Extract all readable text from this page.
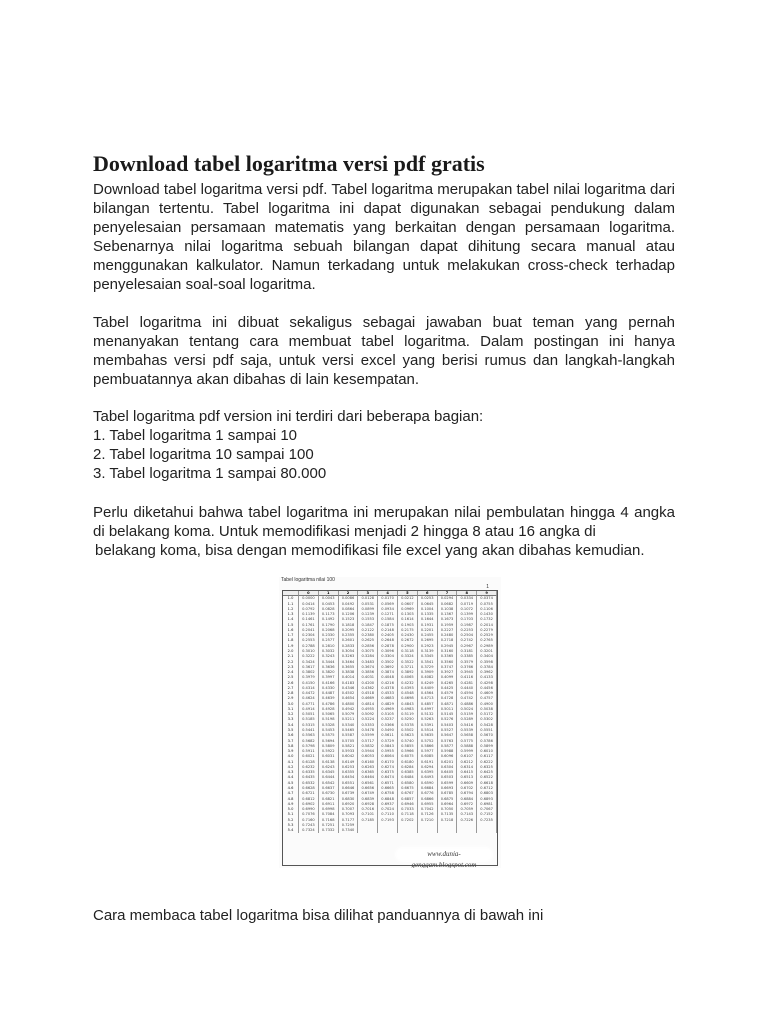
Download tabel logaritma versi pdf gratis

Download tabel logaritma versi pdf. Tabel logaritma merupakan tabel nilai logaritma dari bilangan tertentu. Tabel logaritma ini dapat digunakan sebagai pendukung dalam penyelesaian persamaan matematis yang berkaitan dengan persamaan logaritma. Sebenarnya nilai logaritma sebuah bilangan dapat dihitung secara manual atau menggunakan kalkulator. Namun terkadang untuk melakukan cross-check terhadap penyelesaian soal-soal logaritma.

Tabel logaritma ini dibuat sekaligus sebagai jawaban buat teman yang pernah menanyakan tentang cara membuat tabel logaritma. Dalam postingan ini hanya membahas versi pdf saja, untuk versi excel yang berisi rumus dan langkah-langkah pembuatannya akan dibahas di lain kesempatan.

Tabel logaritma pdf version ini terdiri dari beberapa bagian:

1. Tabel logaritma 1 sampai 10
2. Tabel logaritma 10 sampai 100
3. Tabel logaritma 1 sampai 80.000

Perlu diketahui bahwa tabel logaritma ini merupakan nilai pembulatan hingga 4 angka di belakang koma. Untuk memodifikasi menjadi 2 hingga 8 atau 16 angka di
belakang koma, bisa dengan memodifikasi file excel yang akan dibahas kemudian.

Tabel logaritma nilai 100
1
0	1	2	3	4	5	6	7	8	9
1.0	0.0000	0.0043	0.0086	0.0128	0.0170	0.0212	0.0253	0.0294	0.0334	0.0374
1.1	0.0414	0.0453	0.0492	0.0531	0.0569	0.0607	0.0645	0.0682	0.0719	0.0755
1.2	0.0792	0.0828	0.0864	0.0899	0.0934	0.0969	0.1004	0.1038	0.1072	0.1106
1.3	0.1139	0.1173	0.1206	0.1239	0.1271	0.1303	0.1335	0.1367	0.1399	0.1430
1.4	0.1461	0.1492	0.1523	0.1553	0.1584	0.1614	0.1644	0.1673	0.1703	0.1732
1.5	0.1761	0.1790	0.1818	0.1847	0.1875	0.1903	0.1931	0.1959	0.1987	0.2014
1.6	0.2041	0.2068	0.2095	0.2122	0.2148	0.2175	0.2201	0.2227	0.2253	0.2279
1.7	0.2304	0.2330	0.2355	0.2380	0.2405	0.2430	0.2455	0.2480	0.2504	0.2529
1.8	0.2553	0.2577	0.2601	0.2625	0.2648	0.2672	0.2695	0.2718	0.2742	0.2765
1.9	0.2788	0.2810	0.2833	0.2856	0.2878	0.2900	0.2923	0.2945	0.2967	0.2989
2.0	0.3010	0.3032	0.3054	0.3075	0.3096	0.3118	0.3139	0.3160	0.3181	0.3201
2.1	0.3222	0.3243	0.3263	0.3284	0.3304	0.3324	0.3345	0.3365	0.3385	0.3404
2.2	0.3424	0.3444	0.3464	0.3483	0.3502	0.3522	0.3541	0.3560	0.3579	0.3598
2.3	0.3617	0.3636	0.3655	0.3674	0.3692	0.3711	0.3729	0.3747	0.3766	0.3784
2.4	0.3802	0.3820	0.3838	0.3856	0.3874	0.3892	0.3909	0.3927	0.3945	0.3962
2.5	0.3979	0.3997	0.4014	0.4031	0.4048	0.4065	0.4082	0.4099	0.4116	0.4133
2.6	0.4150	0.4166	0.4183	0.4200	0.4216	0.4232	0.4249	0.4265	0.4281	0.4298
2.7	0.4314	0.4330	0.4346	0.4362	0.4378	0.4393	0.4409	0.4425	0.4440	0.4456
2.8	0.4472	0.4487	0.4502	0.4518	0.4533	0.4548	0.4564	0.4579	0.4594	0.4609
2.9	0.4624	0.4639	0.4654	0.4669	0.4683	0.4698	0.4713	0.4728	0.4742	0.4757
3.0	0.4771	0.4786	0.4800	0.4814	0.4829	0.4843	0.4857	0.4871	0.4886	0.4900
3.1	0.4914	0.4928	0.4942	0.4955	0.4969	0.4983	0.4997	0.5011	0.5024	0.5038
3.2	0.5051	0.5065	0.5079	0.5092	0.5105	0.5119	0.5132	0.5145	0.5159	0.5172
3.3	0.5185	0.5198	0.5211	0.5224	0.5237	0.5250	0.5263	0.5276	0.5289	0.5302
3.4	0.5315	0.5328	0.5340	0.5353	0.5366	0.5378	0.5391	0.5403	0.5416	0.5428
3.5	0.5441	0.5453	0.5465	0.5478	0.5490	0.5502	0.5514	0.5527	0.5539	0.5551
3.6	0.5563	0.5575	0.5587	0.5599	0.5611	0.5623	0.5635	0.5647	0.5658	0.5670
3.7	0.5682	0.5694	0.5705	0.5717	0.5729	0.5740	0.5752	0.5763	0.5775	0.5786
3.8	0.5798	0.5809	0.5821	0.5832	0.5843	0.5855	0.5866	0.5877	0.5888	0.5899
3.9	0.5911	0.5922	0.5933	0.5944	0.5955	0.5966	0.5977	0.5988	0.5999	0.6010
4.0	0.6021	0.6031	0.6042	0.6053	0.6064	0.6075	0.6085	0.6096	0.6107	0.6117
4.1	0.6128	0.6138	0.6149	0.6160	0.6170	0.6180	0.6191	0.6201	0.6212	0.6222
4.2	0.6232	0.6243	0.6253	0.6263	0.6274	0.6284	0.6294	0.6304	0.6314	0.6325
4.3	0.6335	0.6345	0.6355	0.6365	0.6375	0.6385	0.6395	0.6405	0.6415	0.6425
4.4	0.6435	0.6444	0.6454	0.6464	0.6474	0.6484	0.6493	0.6503	0.6513	0.6522
4.5	0.6532	0.6542	0.6551	0.6561	0.6571	0.6580	0.6590	0.6599	0.6609	0.6618
4.6	0.6628	0.6637	0.6646	0.6656	0.6665	0.6675	0.6684	0.6693	0.6702	0.6712
4.7	0.6721	0.6730	0.6739	0.6749	0.6758	0.6767	0.6776	0.6785	0.6794	0.6803
4.8	0.6812	0.6821	0.6830	0.6839	0.6848	0.6857	0.6866	0.6875	0.6884	0.6893
4.9	0.6902	0.6911	0.6920	0.6928	0.6937	0.6946	0.6955	0.6964	0.6972	0.6981
5.0	0.6990	0.6998	0.7007	0.7016	0.7024	0.7033	0.7042	0.7050	0.7059	0.7067
5.1	0.7076	0.7084	0.7093	0.7101	0.7110	0.7118	0.7126	0.7135	0.7143	0.7152
5.2	0.7160	0.7168	0.7177	0.7185	0.7193	0.7202	0.7210	0.7218	0.7226	0.7235
5.3	0.7243	0.7251	0.7259
5.4	0.7324	0.7332	0.7340
www.dunia-genggam.blogspot.com

Cara membaca tabel logaritma bisa dilihat panduannya di bawah ini
